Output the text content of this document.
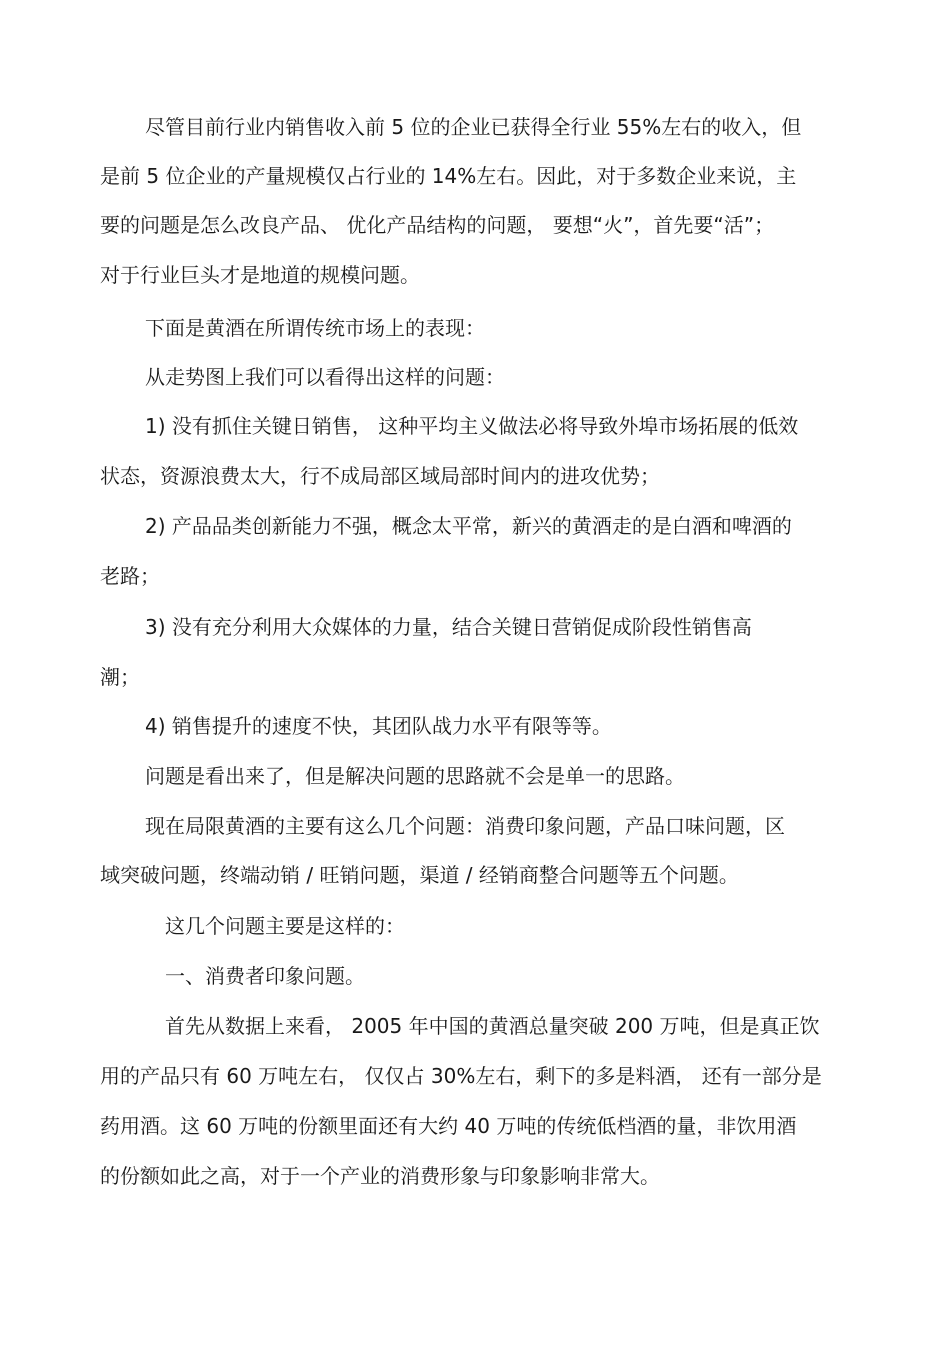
尽管目前行业内销售收入前 5 位的企业已获得全行业 55%左右的收入，但
是前 5 位企业的产量规模仅占行业的 14%左右。因此，对于多数企业来说，主
要的问题是怎么改良产品、 优化产品结构的问题， 要想“火”，首先要“活”；
对于行业巨头才是地道的规模问题。
下面是黄酒在所谓传统市场上的表现：
从走势图上我们可以看得出这样的问题：
1) 没有抓住关键日销售， 这种平均主义做法必将导致外埠市场拓展的低效
状态，资源浪费太大，行不成局部区域局部时间内的进攻优势；
2) 产品品类创新能力不强，概念太平常，新兴的黄酒走的是白酒和啤酒的
老路；
3) 没有充分利用大众媒体的力量，结合关键日营销促成阶段性销售高
潮；
4) 销售提升的速度不快，其团队战力水平有限等等。
问题是看出来了，但是解决问题的思路就不会是单一的思路。
现在局限黄酒的主要有这么几个问题：消费印象问题，产品口味问题，区
域突破问题，终端动销 / 旺销问题，渠道 / 经销商整合问题等五个问题。
这几个问题主要是这样的：
一、消费者印象问题。
首先从数据上来看， 2005 年中国的黄酒总量突破 200 万吨，但是真正饮
用的产品只有 60 万吨左右， 仅仅占 30%左右，剩下的多是料酒， 还有一部分是
药用酒。这 60 万吨的份额里面还有大约 40 万吨的传统低档酒的量，非饮用酒
的份额如此之高，对于一个产业的消费形象与印象影响非常大。
